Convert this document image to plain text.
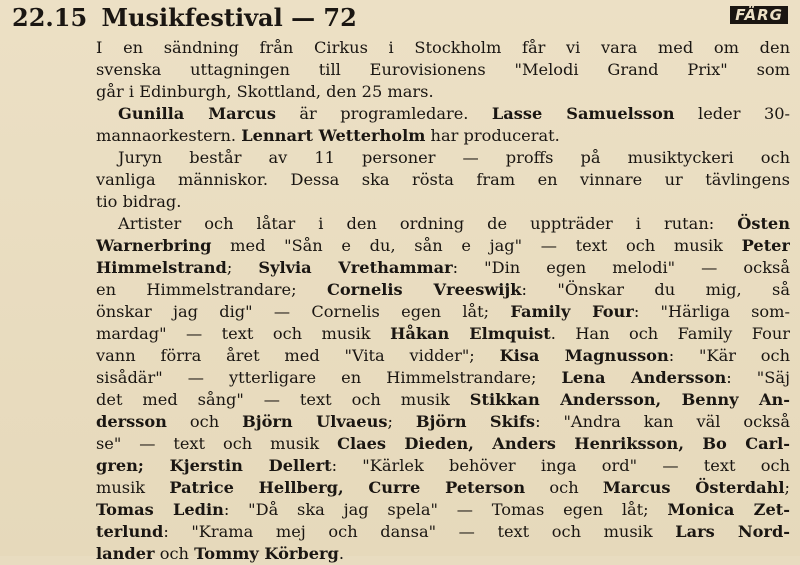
22.15 Musikfestival — 72	FÄRG
I en sändning från Cirkus i Stockholm får vi vara med om den
svenska uttagningen till Eurovisionens "Melodi Grand Prix" som
går i Edinburgh, Skottland, den 25 mars.
Gunilla Marcus är programledare. Lasse Samuelsson leder 30-
mannaorkestern. Lennart Wetterholm har producerat.
Juryn består av 11 personer — proffs på musiktyckeri och
vanliga människor. Dessa ska rösta fram en vinnare ur tävlingens
tio bidrag.
Artister och låtar i den ordning de uppträder i rutan: Östen
Warnerbring med "Sån e du, sån e jag" — text och musik Peter
Himmelstrand; Sylvia Vrethammar: "Din egen melodi" — också
en Himmelstrandare; Cornelis Vreeswijk: "Önskar du mig, så
önskar jag dig" — Cornelis egen låt; Family Four: "Härliga som-
mardag" — text och musik Håkan Elmquist. Han och Family Four
vann förra året med "Vita vidder"; Kisa Magnusson: "Kär och
sisådär" — ytterligare en Himmelstrandare; Lena Andersson: "Säj
det med sång" — text och musik Stikkan Andersson, Benny An-
dersson och Björn Ulvaeus; Björn Skifs: "Andra kan väl också
se" — text och musik Claes Dieden, Anders Henriksson, Bo Carl-
gren; Kjerstin Dellert: "Kärlek behöver inga ord" — text och
musik Patrice Hellberg, Curre Peterson och Marcus Österdahl;
Tomas Ledin: "Då ska jag spela" — Tomas egen låt; Monica Zet-
terlund: "Krama mej och dansa" — text och musik Lars Nord-
lander och Tommy Körberg.
